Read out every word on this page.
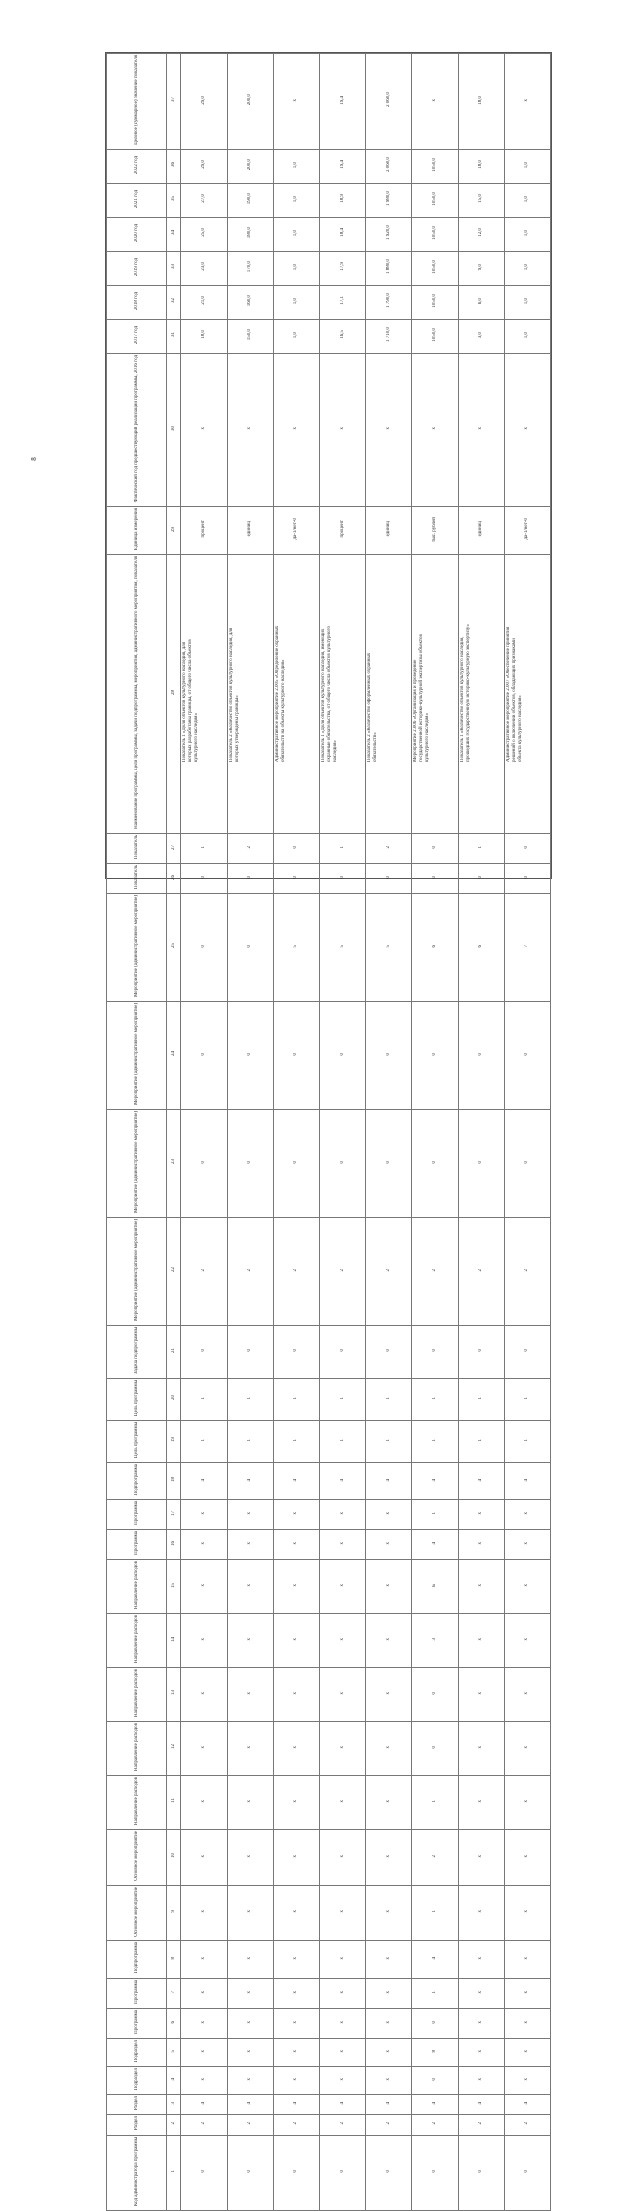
8
Целевое (суммарное) значение показателя	37	29,0	200,0	х	19,4	2 060,0	х	18,0	х
2022 год	36	29,0	200,0	1,0	19,4	2 060,0	1050,0	18,0	1,0
2021 год	35	27,0	190,0	1,0	18,9	1 980,0	1050,0	15,0	1,0
2020 год	34	25,0	180,0	1,0	18,4	1 920,0	1050,0	12,0	1,0
2019 год	33	23,0	170,0	1,0	17,9	1 880,0	1050,0	9,0	1,0
2018 год	32	21,0	160,0	1,0	17,1	1 790,0	1050,0	6,0	1,0
2017 год	31	18,0	150,0	1,0	16,5	1 710,0	1050,0	3,0	1,0
Фактический год предшествующий реализации программы, 2016 год	30	х	х	х	х	х	х	х	х
Единица измерения	29	процент	единиц	да-1/нет-0	процент	единиц	тыс. рублей	единиц	да-1/нет-0
Наименование программы, цели программы, задачи подпрограммы, мероприятия, административного мероприятия, показателя	28	Показатель 1 «Доля объектов культурного наследия, для которых разработаны границы, от общего числа объектов культурного наследия»	Показатель 2 «Количество объектов культурного наследия, для которых утверждены границы»	Административное мероприятие 2.005 «Определение охранных обязательств на объекты культурного наследия»	Показатель 1 «Доля объектов культурного наследия, имеющих охранные обязательства, от общего числа объектов культурного наследия»	Показатель 2 «Количество оформленных охранных обязательств»	Мероприятие 2.006 «Организация и проведение государственной историко-культурной экспертизы объектов культурного наследия»	Показатель 1 «Количество объектов культурного наследия, прошедших государственную историко-культурную экспертизу»	Административное мероприятие 2.007 «Обеспечение принятия решений о включении объектов, обладающих признаками объекта культурного наследия»
Показатель	27	1	2	0	1	2	0	1	0
Показатель	26	0	0	0	0	0	0	0	0
Мероприятие (административное мероприятие)	25	0	0	5	5	5	6	6	7
Мероприятие (административное мероприятие)	24	0	0	0	0	0	0	0	0
Мероприятие (административное мероприятие)	23	0	0	0	0	0	0	0	0
Мероприятие (административное мероприятие)	22	2	2	2	2	2	2	2	2
Задача подпрограммы	21	0	0	0	0	0	0	0	0
Цель программы	20	1	1	1	1	1	1	1	1
Цель программы	19	1	1	1	1	1	1	1	1
Подпрограмма	18	4	4	4	4	4	4	4	4
Программа	17	х	х	х	х	х	1	х	х
Программа	16	х	х	х	х	х	4	х	х
Направление расходов	15	х	х	х	х	х	Б	х	х
Направление расходов	14	х	х	х	х	х	3	х	х
Направление расходов	13	х	х	х	х	х	0	х	х
Направление расходов	12	х	х	х	х	х	0	х	х
Направление расходов	11	х	х	х	х	х	1	х	х
Основное мероприятие	10	х	х	х	х	х	2	х	х
Основное мероприятие	9	х	х	х	х	х	1	х	х
Подпрограмма	8	х	х	х	х	х	4	х	х
Программа	7	х	х	х	х	х	1	х	х
Программа	6	х	х	х	х	х	0	х	х
Подраздел	5	х	х	х	х	х	8	х	х
Подраздел	4	х	х	х	х	х	0	х	х
Раздел	3	4	4	4	4	4	4	4	4
Раздел	2	2	2	2	2	2	2	2	2
Код администратора программы	1	0	0	0	0	0	0	0	0
